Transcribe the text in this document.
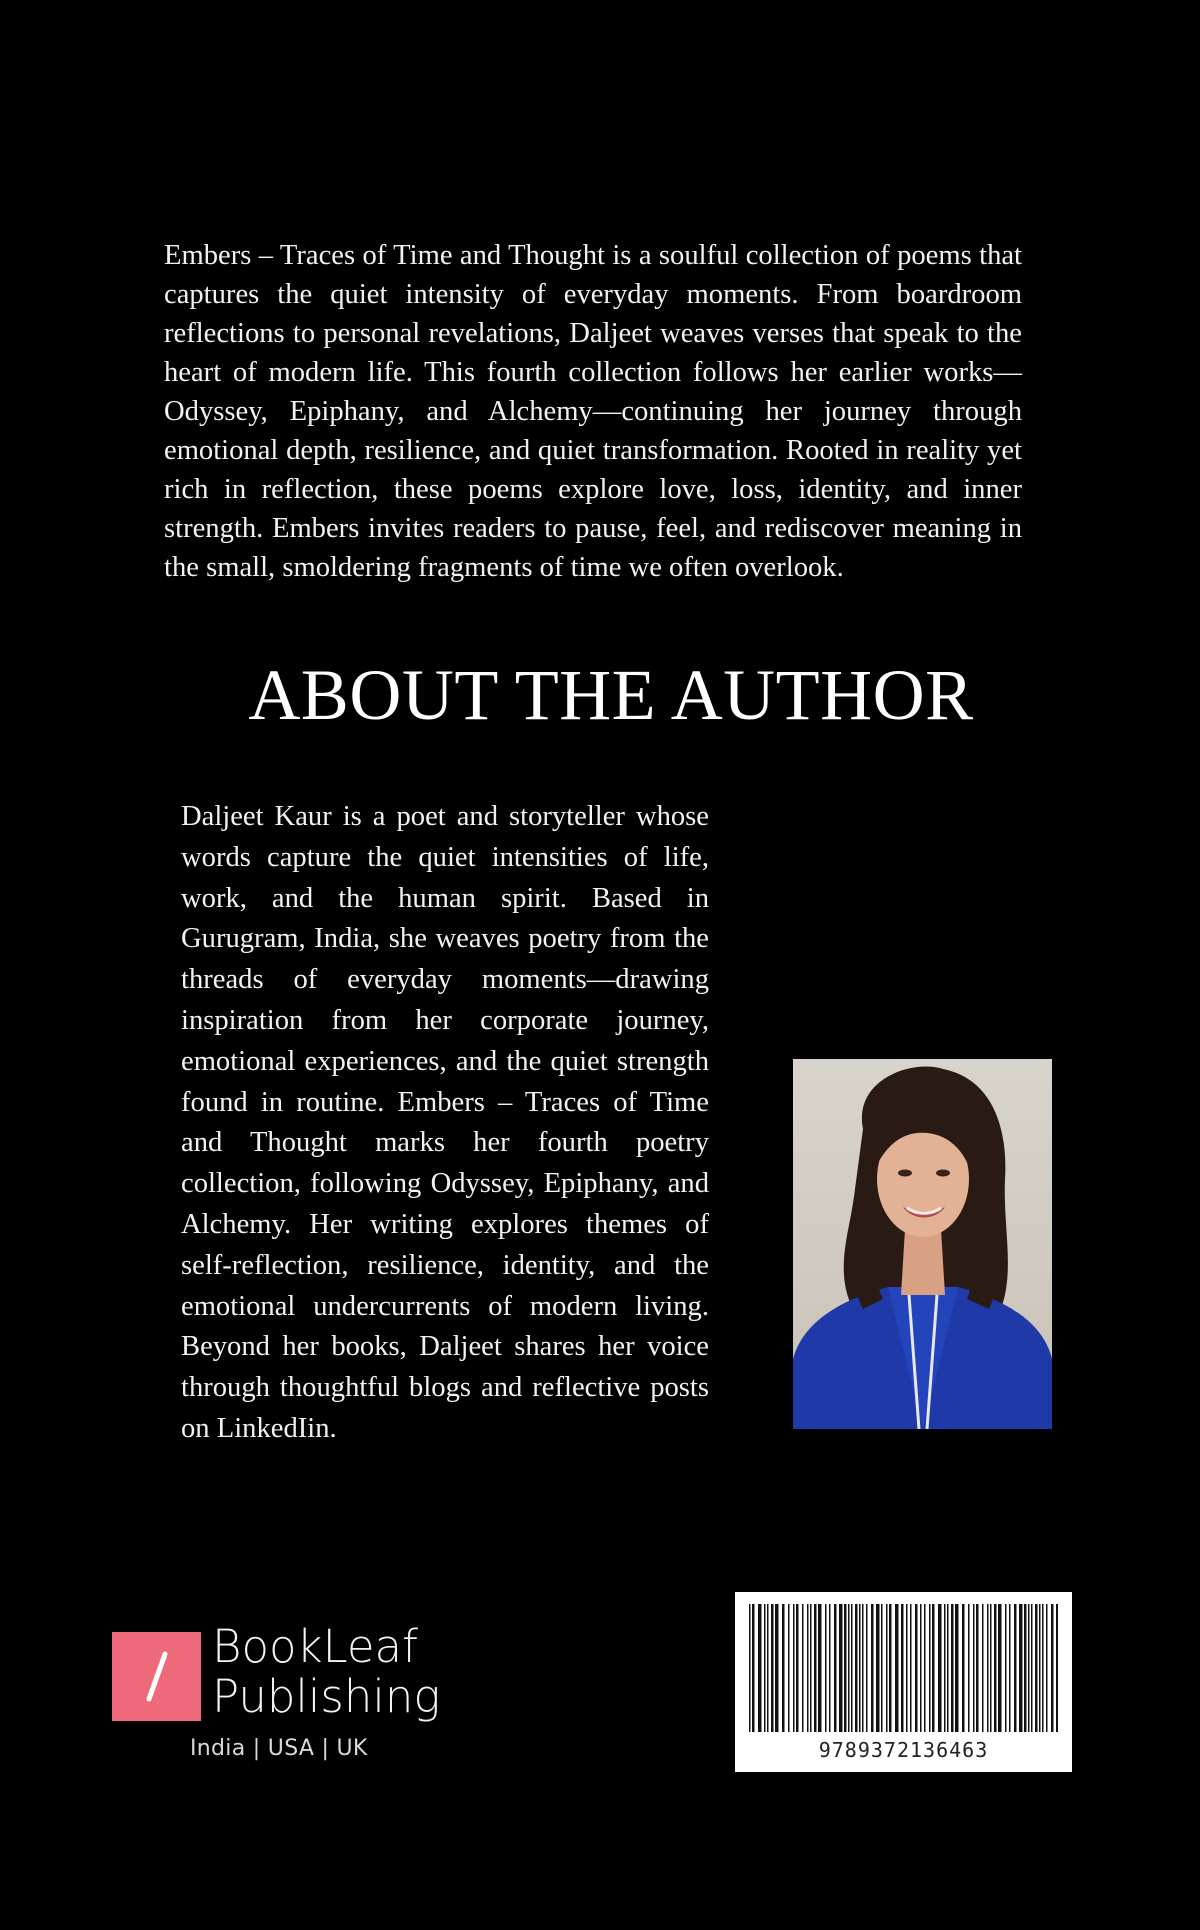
Embers – Traces of Time and Thought is a soulful collection of poems that captures the quiet intensity of everyday moments. From boardroom reflections to personal revelations, Daljeet weaves verses that speak to the heart of modern life. This fourth collection follows her earlier works—Odyssey, Epiphany, and Alchemy—continuing her journey through emotional depth, resilience, and quiet transformation. Rooted in reality yet rich in reflection, these poems explore love, loss, identity, and inner strength. Embers invites readers to pause, feel, and rediscover meaning in the small, smoldering fragments of time we often overlook.

ABOUT THE AUTHOR

Daljeet Kaur is a poet and storyteller whose words capture the quiet intensities of life, work, and the human spirit. Based in Gurugram, India, she weaves poetry from the threads of everyday moments—drawing inspiration from her corporate journey, emotional experiences, and the quiet strength found in routine. Embers – Traces of Time and Thought marks her fourth poetry collection, following Odyssey, Epiphany, and Alchemy. Her writing explores themes of self-reflection, resilience, identity, and the emotional undercurrents of modern living. Beyond her books, Daljeet shares her voice through thoughtful blogs and reflective posts on LinkedIin.

BookLeaf
Publishing

India | USA | UK	9789372136463
